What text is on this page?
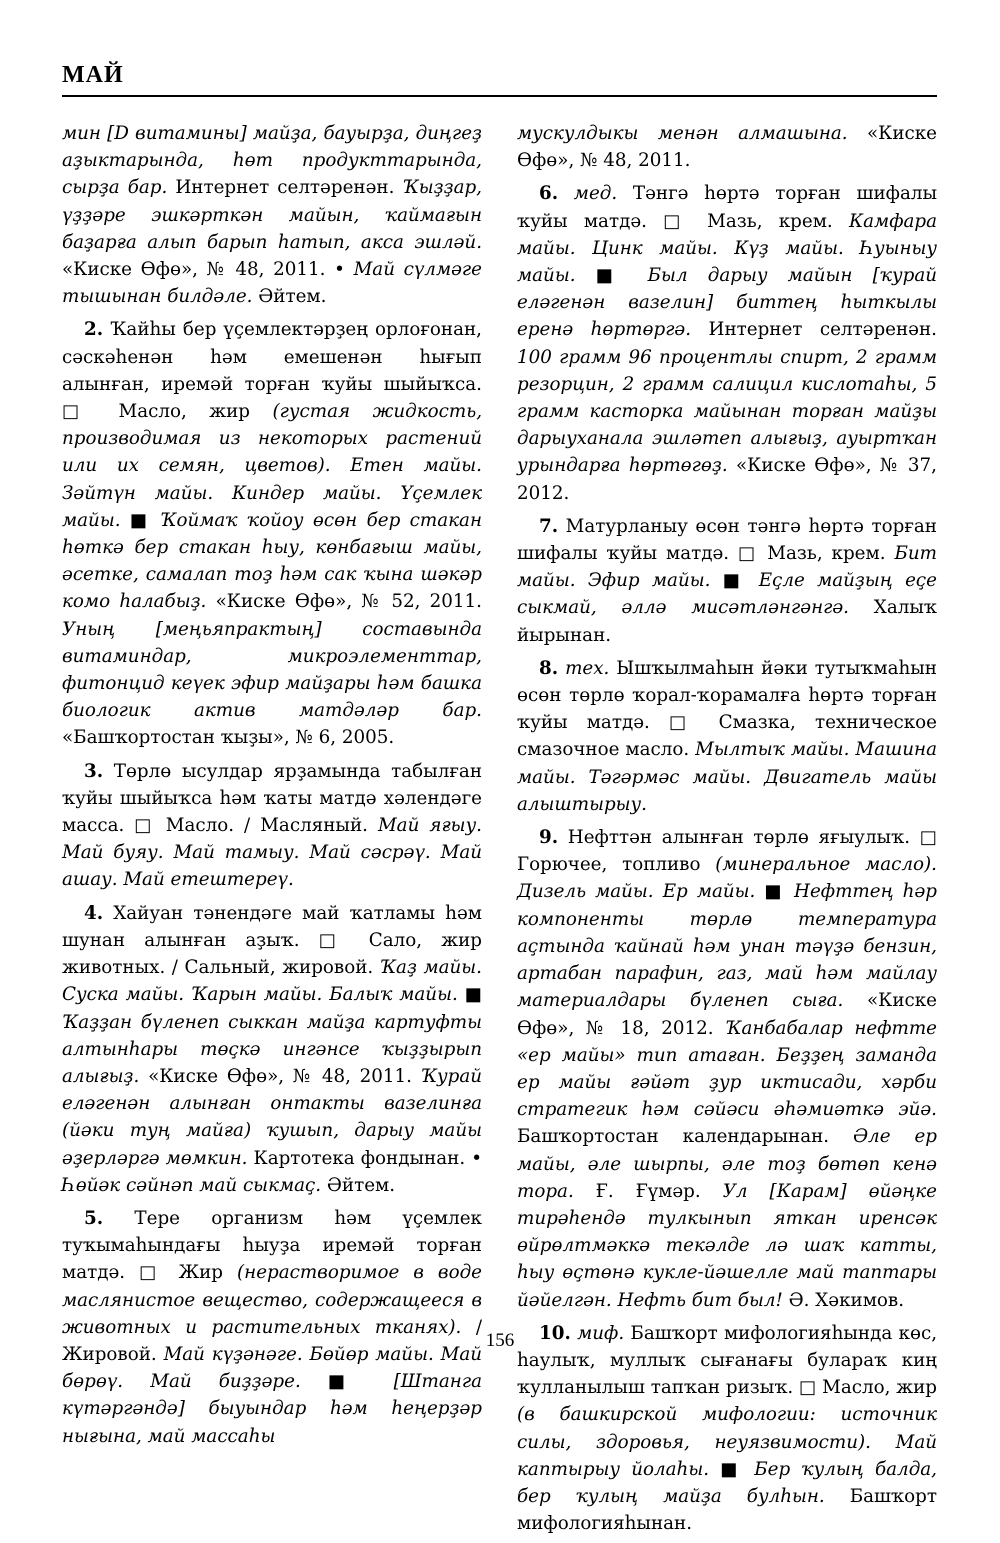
МАЙ

мин [D витамины] майҙа, бауырҙа, диңгеҙ аҙыктарында, һөт продукттарында, сырҙа бар. Интернет селтәренән. Ҡыҙҙар, үҙҙәре эшкәрткән майын, ҡаймағын баҙарға алып барып һатып, акса эшләй. «Киске Өфө», № 48, 2011. • Май сүлмәге тышынан билдәле. Әйтем.

2. Ҡайһы бер үҫемлектәрҙең орлоғонан, сәскәһенән һәм емешенән һығып алынған, иремәй торған ҡуйы шыйыҡса. □ Масло, жир (густая жидкость, производимая из некоторых растений или их семян, цветов). Етен майы. Зәйтүн майы. Киндер майы. Үҫемлек майы. ■ Ҡоймаҡ ҡойоу өсөн бер стакан һөткә бер стакан һыу, көнбағыш майы, әсетке, самалап тоҙ һәм сак ҡына шәкәр комо һалабыҙ. «Киске Өфө», № 52, 2011. Уның [меңьяпрактың] составында витаминдар, микроэлементтар, фитонцид кеүек эфир майҙары һәм башка биологик актив матдәләр бар. «Башҡортостан ҡыҙы», № 6, 2005.

3. Төрлө ысулдар ярҙамында табылған ҡуйы шыйыҡса һәм ҡаты матдә хәлендәге масса. □ Масло. / Масляный. Май яғыу. Май буяу. Май тамыу. Май сәсрәү. Май ашау. Май етештереү.

4. Хайуан тәнендәге май ҡатламы һәм шунан алынған аҙыҡ. □ Сало, жир животных. / Сальный, жировой. Ҡаҙ майы. Суска майы. Ҡарын майы. Балыҡ майы. ■ Ҡаҙҙан бүленеп сыккан майҙа картуфты алтынһары төҫкә ингәнсе ҡыҙҙырып алығыҙ. «Киске Өфө», № 48, 2011. Ҡурай еләгенән алынған онтакты вазелинға (йәки туң майға) ҡушып, дарыу майы әҙерләргә мөмкин. Картотека фондынан. • Һөйәк сәйнәп май сыкмаҫ. Әйтем.

5. Тере организм һәм үҫемлек туҡымаһындағы һыуҙа иремәй торған матдә. □ Жир (нерастворимое в воде маслянистое вещество, содержащееся в животных и растительных тканях). / Жировой. Май күҙәнәге. Бөйөр майы. Май бөрөү. Май биҙҙәре. ■ [Штанга күтәргәндә] быуындар һәм һеңерҙәр нығына, май массаһы

мускулдыкы менән алмашына. «Киске Өфө», № 48, 2011.

6. мед. Тәнгә һөртә торған шифалы ҡуйы матдә. □ Мазь, крем. Камфара майы. Цинк майы. Күҙ майы. Һуыныу майы. ■ Был дарыу майын [ҡурай еләгенән вазелин] биттең һыткылы еренә һөртөргә. Интернет селтәренән. 100 грамм 96 процентлы спирт, 2 грамм резорцин, 2 грамм салицил кислотаһы, 5 грамм касторка майынан торған майҙы дарыуханала эшләтеп алығыҙ, ауыртҡан урындарға һөртөгөҙ. «Киске Өфө», № 37, 2012.

7. Матурланыу өсөн тәнгә һөртә торған шифалы ҡуйы матдә. □ Мазь, крем. Бит майы. Эфир майы. ■ Еҫле майҙың еҫе сыкмай, әллә мисәтләнгәнгә. Халыҡ йырынан.

8. тех. Ышҡылмаһын йәки тутыҡмаһын өсөн төрлө ҡорал-ҡорамалға һөртә торған ҡуйы матдә. □ Смазка, техническое смазочное масло. Мылтыҡ майы. Машина майы. Тәгәрмәс майы. Двигатель майы алыштырыу.

9. Нефттән алынған төрлө яғыулыҡ. □ Горючее, топливо (минеральное масло). Дизель майы. Ер майы. ■ Нефттең һәр компоненты төрлө температура аҫтында ҡайнай һәм унан тәүҙә бензин, артабан парафин, газ, май һәм майлау материалдары бүленеп сыға. «Киске Өфө», № 18, 2012. Ҡанбабалар нефтте «ер майы» тип атаған. Беҙҙең заманда ер майы ғәйәт ҙур иктисади, хәрби стратегик һәм сәйәси әһәмиәткә эйә. Башҡортостан календарынан. Әле ер майы, әле шырпы, әле тоҙ бөтөп кенә тора. Ғ. Ғүмәр. Ул [Карам] өйәңке тирәһендә тулкынып яткан иренсәк өйрөлтмәккә текәлде лә шаҡ катты, һыу өҫтөнә кукле-йәшелле май таптары йәйелгән. Нефть бит был! Ә. Хәкимов.

10. миф. Башҡорт мифологияһында көс, һаулыҡ, муллыҡ сығанағы булараҡ киң ҡулланылыш тапҡан ризыҡ. □ Масло, жир (в башкирской мифологии: источник силы, здоровья, неуязвимости). Май каптырыу йолаһы. ■ Бер ҡулың балда, бер ҡулың майҙа булһын. Башҡорт мифологияһынан.

156
